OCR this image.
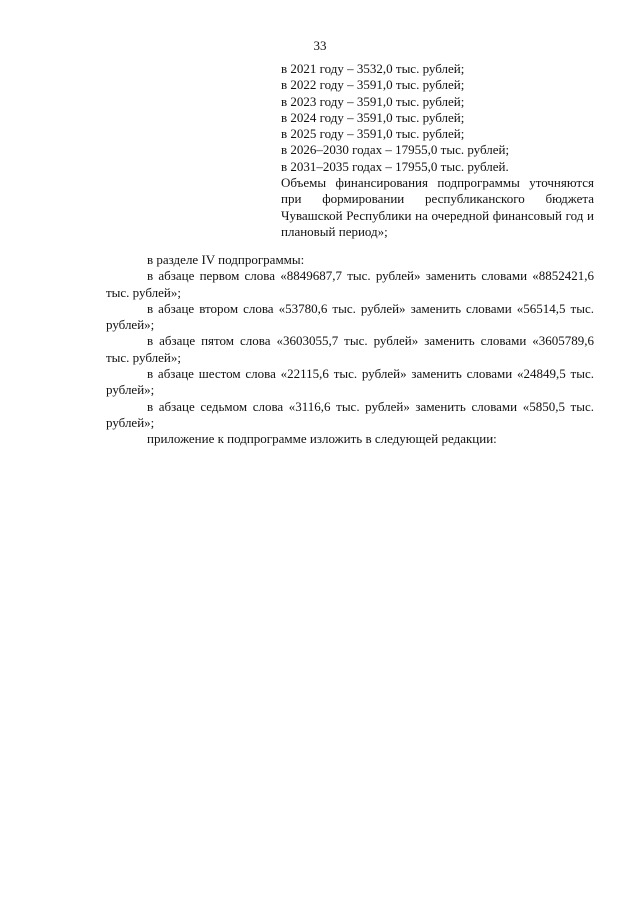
33
в 2021 году – 3532,0 тыс. рублей;
в 2022 году – 3591,0 тыс. рублей;
в 2023 году – 3591,0 тыс. рублей;
в 2024 году – 3591,0 тыс. рублей;
в 2025 году – 3591,0 тыс. рублей;
в 2026–2030 годах – 17955,0 тыс. рублей;
в 2031–2035 годах – 17955,0 тыс. рублей.
Объемы финансирования подпрограммы уточняются при формировании республиканского бюджета Чувашской Республики на очередной финансовый год и плановый период»;

в разделе IV подпрограммы:

в абзаце первом слова «8849687,7 тыс. рублей» заменить словами «8852421,6 тыс. рублей»;

в абзаце втором слова «53780,6 тыс. рублей» заменить словами «56514,5 тыс. рублей»;

в абзаце пятом слова «3603055,7 тыс. рублей» заменить словами «3605789,6 тыс. рублей»;

в абзаце шестом слова «22115,6 тыс. рублей» заменить словами «24849,5 тыс. рублей»;

в абзаце седьмом слова «3116,6 тыс. рублей» заменить словами «5850,5 тыс. рублей»;

приложение к подпрограмме изложить в следующей редакции:
